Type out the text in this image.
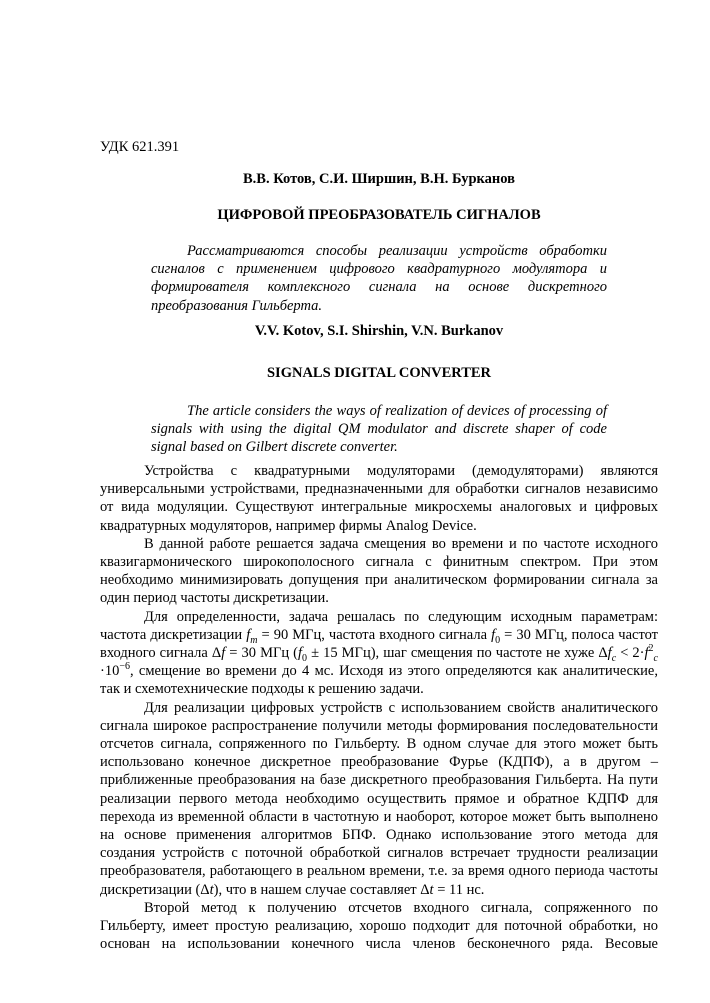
УДК 621.391
В.В. Котов, С.И. Ширшин, В.Н. Бурканов
ЦИФРОВОЙ ПРЕОБРАЗОВАТЕЛЬ СИГНАЛОВ
Рассматриваются способы реализации устройств обработки сигналов с применением цифрового квадратурного модулятора и формирователя комплексного сигнала на основе дискретного преобразования Гильберта.
V.V. Kotov, S.I. Shirshin, V.N. Burkanov
SIGNALS DIGITAL CONVERTER
The article considers the ways of realization of devices of processing of signals with using the digital QM modulator and discrete shaper of code signal based on Gilbert discrete converter.

Устройства с квадратурными модуляторами (демодуляторами) являются универсальными устройствами, предназначенными для обработки сигналов независимо от вида модуляции. Существуют интегральные микросхемы аналоговых и цифровых квадратурных модуляторов, например фирмы Analog Device.

В данной работе решается задача смещения во времени и по частоте исходного квазигармонического широкополосного сигнала с финитным спектром. При этом необходимо минимизировать допущения при аналитическом формировании сигнала за один период частоты дискретизации.

Для определенности, задача решалась по следующим исходным параметрам: частота дискретизации $f_m = 90$ МГц, частота входного сигнала $f_0 = 30$ МГц, полоса частот входного сигнала Δf = 30 МГц ($f_0 \pm 15$ МГц), шаг смещения по частоте не хуже $\Delta f_c < 2\cdot f^2_c \cdot 10^{-6}$, смещение во времени до 4 мс. Исходя из этого определяются как аналитические, так и схемотехнические подходы к решению задачи.

Для реализации цифровых устройств с использованием свойств аналитического сигнала широкое распространение получили методы формирования последовательности отсчетов сигнала, сопряженного по Гильберту. В одном случае для этого может быть использовано конечное дискретное преобразование Фурье (КДПФ), а в другом – приближенные преобразования на базе дискретного преобразования Гильберта. На пути реализации первого метода необходимо осуществить прямое и обратное КДПФ для перехода из временной области в частотную и наоборот, которое может быть выполнено на основе применения алгоритмов БПФ. Однако использование этого метода для создания устройств с поточной обработкой сигналов встречает трудности реализации преобразователя, работающего в реальном времени, т.е. за время одного периода частоты дискретизации (Δt), что в нашем случае составляет Δt = 11 нс.

Второй метод к получению отсчетов входного сигнала, сопряженного по Гильберту, имеет простую реализацию, хорошо подходит для поточной обработки, но основан на использовании конечного числа членов бесконечного ряда. Весовые
